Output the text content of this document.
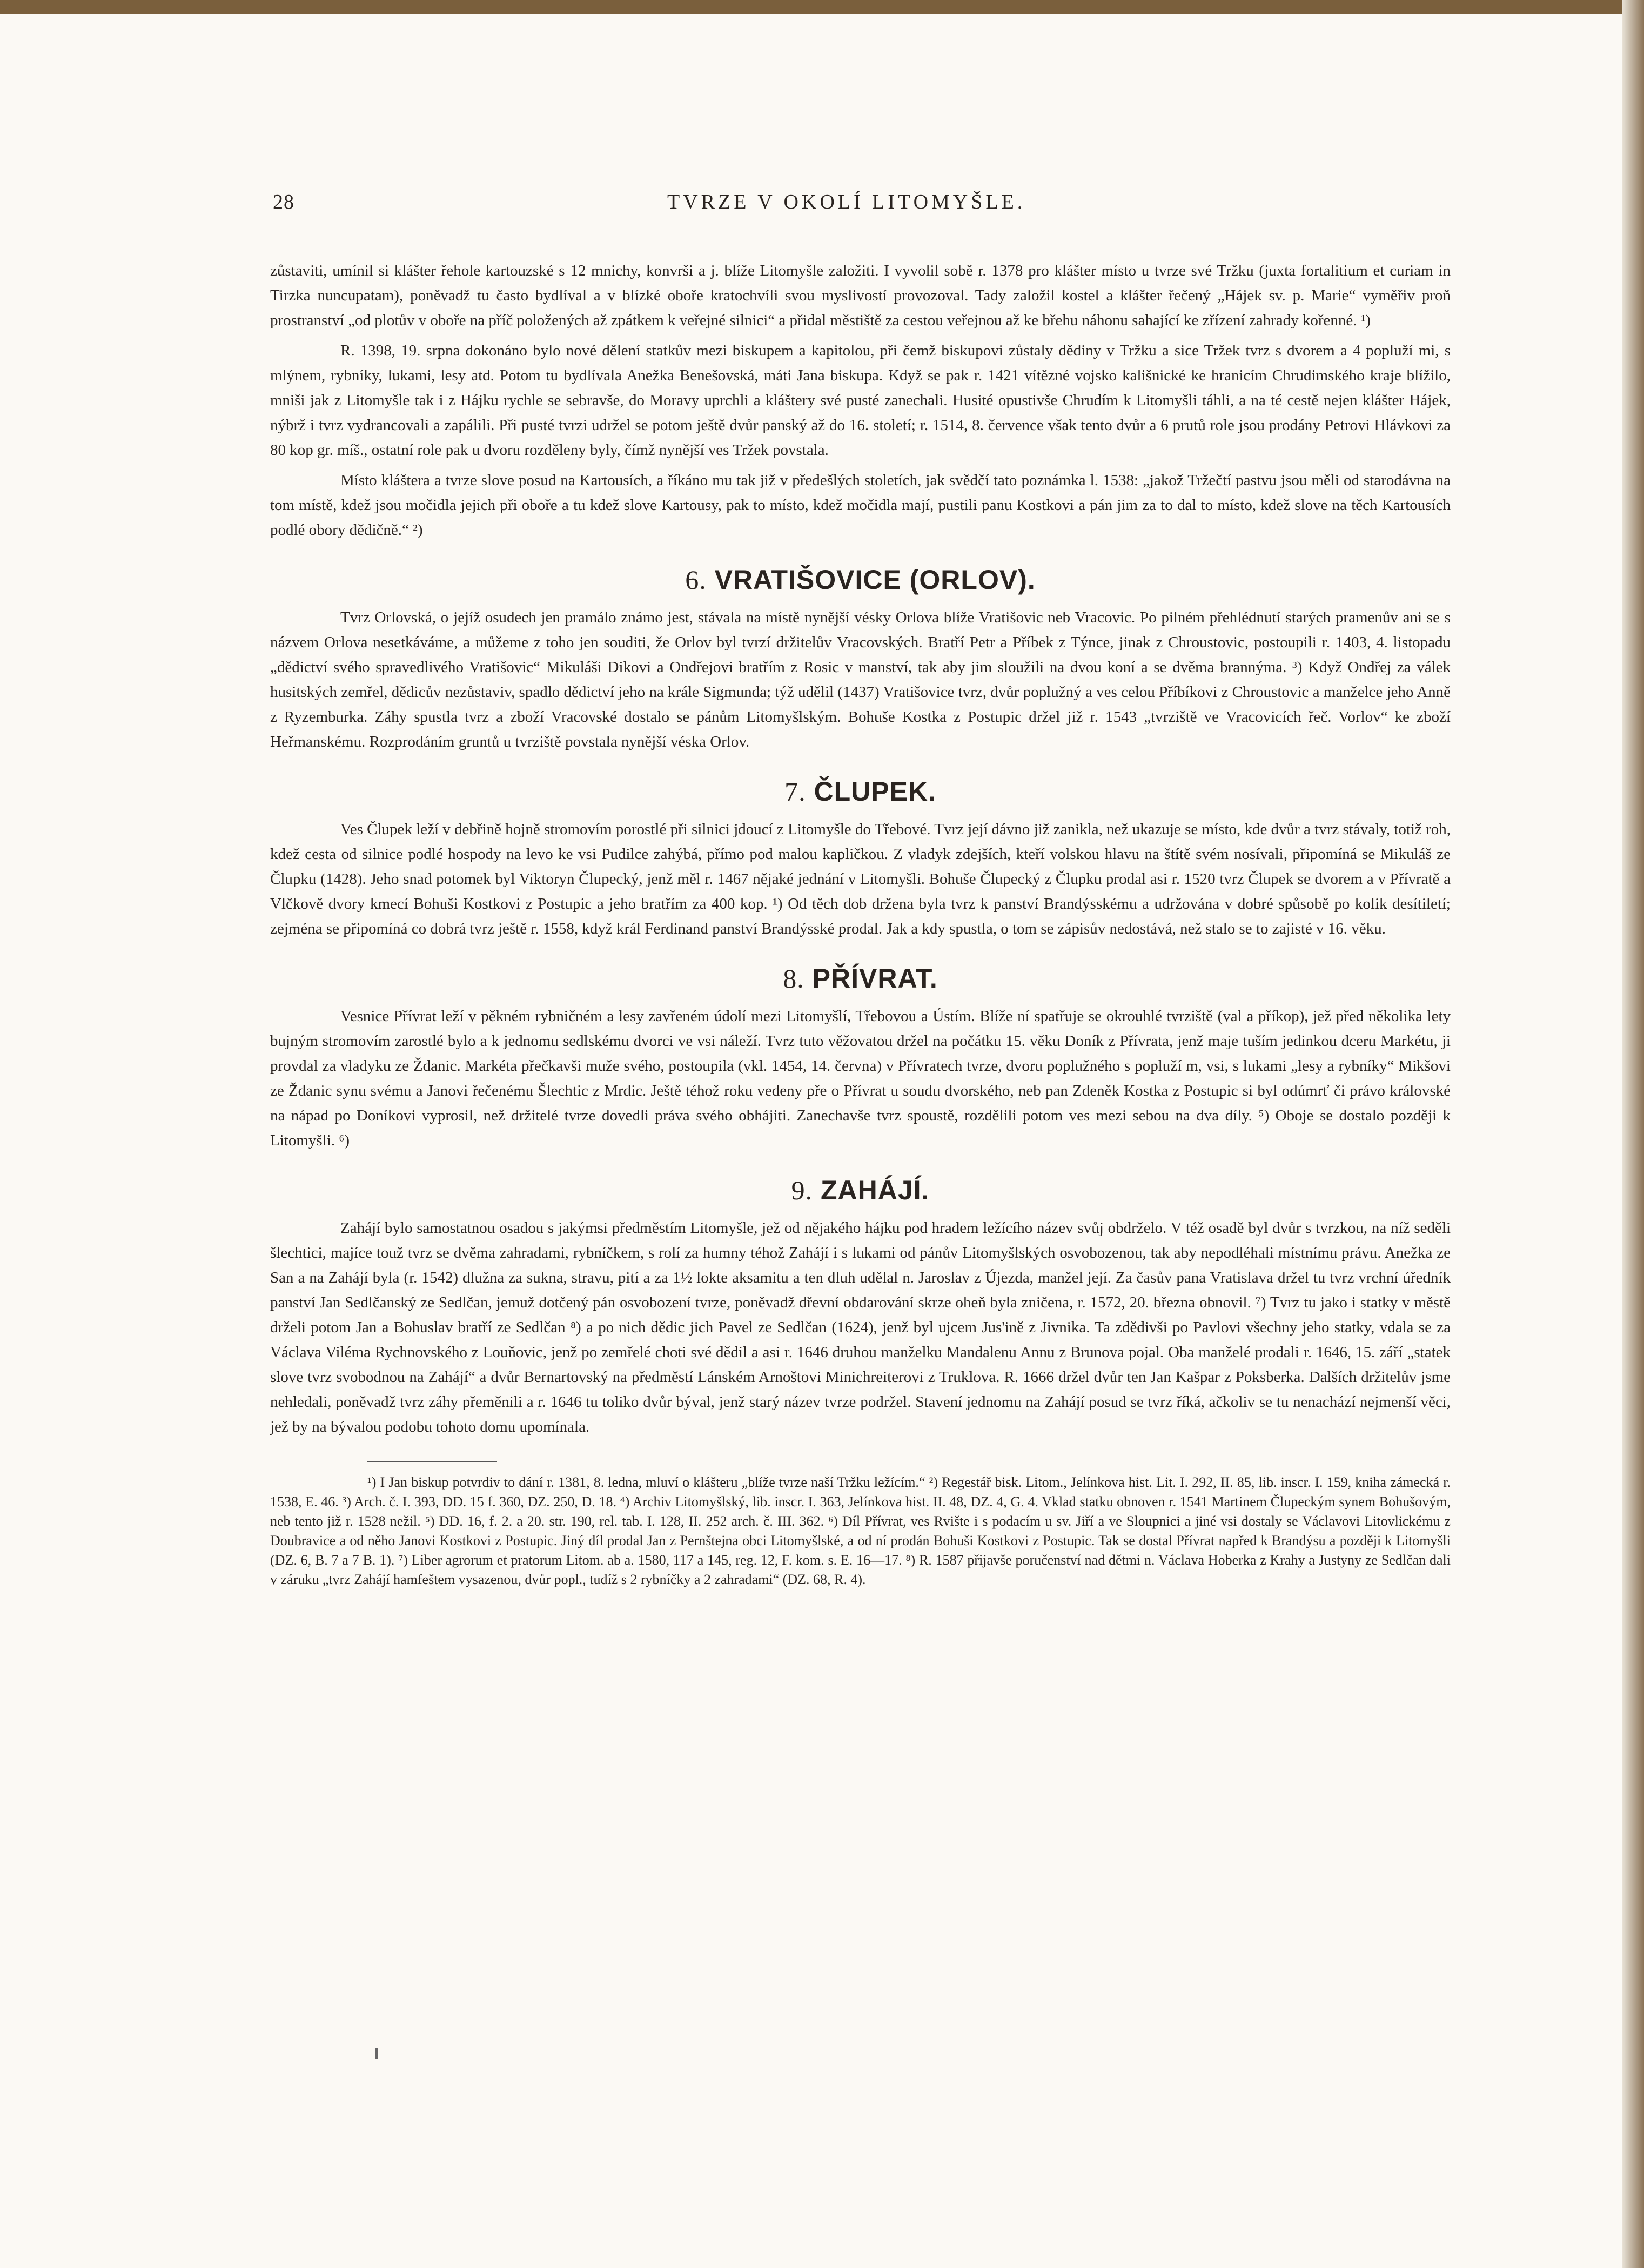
28	TVRZE V OKOLÍ LITOMYŠLE.

zůstaviti, umínil si klášter řehole kartouzské s 12 mnichy, konvrši a j. blíže Litomyšle založiti. I vyvolil sobě r. 1378 pro klášter místo u tvrze své Tržku (juxta fortalitium et curiam in Tirzka nuncupatam), poněvadž tu často bydlíval a v blízké oboře kratochvíli svou myslivostí provozoval. Tady založil kostel a klášter řečený „Hájek sv. p. Marie“ vyměřiv proň prostranství „od plotův v oboře na příč položených až zpátkem k veřejné silnici“ a přidal městiště za cestou veřejnou až ke břehu náhonu sahající ke zřízení zahrady kořenné. ¹)

R. 1398, 19. srpna dokonáno bylo nové dělení statkův mezi biskupem a kapitolou, při čemž biskupovi zůstaly dědiny v Tržku a sice Tržek tvrz s dvorem a 4 popluží mi, s mlýnem, rybníky, lukami, lesy atd. Potom tu bydlívala Anežka Benešovská, máti Jana biskupa. Když se pak r. 1421 vítězné vojsko kališnické ke hranicím Chrudimského kraje blížilo, mniši jak z Litomyšle tak i z Hájku rychle se sebravše, do Moravy uprchli a kláštery své pusté zanechali. Husité opustivše Chrudím k Litomyšli táhli, a na té cestě nejen klášter Hájek, nýbrž i tvrz vydrancovali a zapálili. Při pusté tvrzi udržel se potom ještě dvůr panský až do 16. století; r. 1514, 8. července však tento dvůr a 6 prutů role jsou prodány Petrovi Hlávkovi za 80 kop gr. míš., ostatní role pak u dvoru rozděleny byly, čímž nynější ves Tržek povstala.

Místo kláštera a tvrze slove posud na Kartousích, a říkáno mu tak již v předešlých stoletích, jak svědčí tato poznámka l. 1538: „jakož Tržečtí pastvu jsou měli od starodávna na tom místě, kdež jsou močidla jejich při oboře a tu kdež slove Kartousy, pak to místo, kdež močidla mají, pustili panu Kostkovi a pán jim za to dal to místo, kdež slove na těch Kartousích podlé obory dědičně.“ ²)

6. VRATIŠOVICE (ORLOV).

Tvrz Orlovská, o jejíž osudech jen pramálo známo jest, stávala na místě nynější vésky Orlova blíže Vratišovic neb Vracovic. Po pilném přehlédnutí starých pramenův ani se s názvem Orlova nesetkáváme, a můžeme z toho jen souditi, že Orlov byl tvrzí držitelův Vracovských. Bratří Petr a Příbek z Týnce, jinak z Chroustovic, postoupili r. 1403, 4. listopadu „dědictví svého spravedlivého Vratišovic“ Mikuláši Dikovi a Ondřejovi bratřím z Rosic v manství, tak aby jim sloužili na dvou koní a se dvěma brannýma. ³) Když Ondřej za válek husitských zemřel, dědicův nezůstaviv, spadlo dědictví jeho na krále Sigmunda; týž udělil (1437) Vratišovice tvrz, dvůr poplužný a ves celou Příbíkovi z Chroustovic a manželce jeho Anně z Ryzemburka. Záhy spustla tvrz a zboží Vracovské dostalo se pánům Litomyšlským. Bohuše Kostka z Postupic držel již r. 1543 „tvrziště ve Vracovicích řeč. Vorlov“ ke zboží Heřmanskému. Rozprodáním gruntů u tvrziště povstala nynější véska Orlov.

7. ČLUPEK.

Ves Člupek leží v debřině hojně stromovím porostlé při silnici jdoucí z Litomyšle do Třebové. Tvrz její dávno již zanikla, než ukazuje se místo, kde dvůr a tvrz stávaly, totiž roh, kdež cesta od silnice podlé hospody na levo ke vsi Pudilce zahýbá, přímo pod malou kapličkou. Z vladyk zdejších, kteří volskou hlavu na štítě svém nosívali, připomíná se Mikuláš ze Člupku (1428). Jeho snad potomek byl Viktoryn Člupecký, jenž měl r. 1467 nějaké jednání v Litomyšli. Bohuše Člupecký z Člupku prodal asi r. 1520 tvrz Člupek se dvorem a v Přívratě a Vlčkově dvory kmecí Bohuši Kostkovi z Postupic a jeho bratřím za 400 kop. ¹) Od těch dob držena byla tvrz k panství Brandýsskému a udržována v dobré spůsobě po kolik desítiletí; zejména se připomíná co dobrá tvrz ještě r. 1558, když král Ferdinand panství Brandýsské prodal. Jak a kdy spustla, o tom se zápisův nedostává, než stalo se to zajisté v 16. věku.

8. PŘÍVRAT.

Vesnice Přívrat leží v pěkném rybničném a lesy zavřeném údolí mezi Litomyšlí, Třebovou a Ústím. Blíže ní spatřuje se okrouhlé tvrziště (val a příkop), jež před několika lety bujným stromovím zarostlé bylo a k jednomu sedlskému dvorci ve vsi náleží. Tvrz tuto věžovatou držel na počátku 15. věku Doník z Přívrata, jenž maje tuším jedinkou dceru Markétu, ji provdal za vladyku ze Ždanic. Markéta přečkavši muže svého, postoupila (vkl. 1454, 14. června) v Přívratech tvrze, dvoru poplužného s popluží m, vsi, s lukami „lesy a rybníky“ Mikšovi ze Ždanic synu svému a Janovi řečenému Šlechtic z Mrdic. Ještě téhož roku vedeny pře o Přívrat u soudu dvorského, neb pan Zdeněk Kostka z Postupic si byl odúmrť či právo královské na nápad po Doníkovi vyprosil, než držitelé tvrze dovedli práva svého obhájiti. Zanechavše tvrz spoustě, rozdělili potom ves mezi sebou na dva díly. ⁵) Oboje se dostalo později k Litomyšli. ⁶)

9. ZAHÁJÍ.

Zahájí bylo samostatnou osadou s jakýmsi předměstím Litomyšle, jež od nějakého hájku pod hradem ležícího název svůj obdrželo. V též osadě byl dvůr s tvrzkou, na níž seděli šlechtici, majíce touž tvrz se dvěma zahradami, rybníčkem, s rolí za humny téhož Zahájí i s lukami od pánův Litomyšlských osvobozenou, tak aby nepodléhali místnímu právu. Anežka ze San a na Zahájí byla (r. 1542) dlužna za sukna, stravu, pití a za 1½ lokte aksamitu a ten dluh udělal n. Jaroslav z Újezda, manžel její. Za časův pana Vratislava držel tu tvrz vrchní úředník panství Jan Sedlčanský ze Sedlčan, jemuž dotčený pán osvobození tvrze, poněvadž dřevní obdarování skrze oheň byla zničena, r. 1572, 20. března obnovil. ⁷) Tvrz tu jako i statky v městě drželi potom Jan a Bohuslav bratří ze Sedlčan ⁸) a po nich dědic jich Pavel ze Sedlčan (1624), jenž byl ujcem Jus'ině z Jivnika. Ta zdědivši po Pavlovi všechny jeho statky, vdala se za Václava Viléma Rychnovského z Louňovic, jenž po zemřelé choti své dědil a asi r. 1646 druhou manželku Mandalenu Annu z Brunova pojal. Oba manželé prodali r. 1646, 15. září „statek slove tvrz svobodnou na Zahájí“ a dvůr Bernartovský na předměstí Lánském Arnoštovi Minichreiterovi z Truklova. R. 1666 držel dvůr ten Jan Kašpar z Poksberka. Dalších držitelův jsme nehledali, poněvadž tvrz záhy přeměnili a r. 1646 tu toliko dvůr býval, jenž starý název tvrze podržel. Stavení jednomu na Zahájí posud se tvrz říká, ačkoliv se tu nenachází nejmenší věci, jež by na bývalou podobu tohoto domu upomínala.

¹) I Jan biskup potvrdiv to dání r. 1381, 8. ledna, mluví o klášteru „blíže tvrze naší Tržku ležícím.“ ²) Regestář bisk. Litom., Jelínkova hist. Lit. I. 292, II. 85, lib. inscr. I. 159, kniha zámecká r. 1538, E. 46. ³) Arch. č. I. 393, DD. 15 f. 360, DZ. 250, D. 18. ⁴) Archiv Litomyšlský, lib. inscr. I. 363, Jelínkova hist. II. 48, DZ. 4, G. 4. Vklad statku obnoven r. 1541 Martinem Člupeckým synem Bohušovým, neb tento již r. 1528 nežil. ⁵) DD. 16, f. 2. a 20. str. 190, rel. tab. I. 128, II. 252 arch. č. III. 362. ⁶) Díl Přívrat, ves Rvište i s podacím u sv. Jiří a ve Sloupnici a jiné vsi dostaly se Václavovi Litovlickému z Doubravice a od něho Janovi Kostkovi z Postupic. Jiný díl prodal Jan z Pernštejna obci Litomyšlské, a od ní prodán Bohuši Kostkovi z Postupic. Tak se dostal Přívrat napřed k Brandýsu a později k Litomyšli (DZ. 6, B. 7 a 7 B. 1). ⁷) Liber agrorum et pratorum Litom. ab a. 1580, 117 a 145, reg. 12, F. kom. s. E. 16—17. ⁸) R. 1587 přijavše poručenství nad dětmi n. Václava Hoberka z Krahy a Justyny ze Sedlčan dali v záruku „tvrz Zahájí hamfeštem vysazenou, dvůr popl., tudíž s 2 rybníčky a 2 zahradami“ (DZ. 68, R. 4).
